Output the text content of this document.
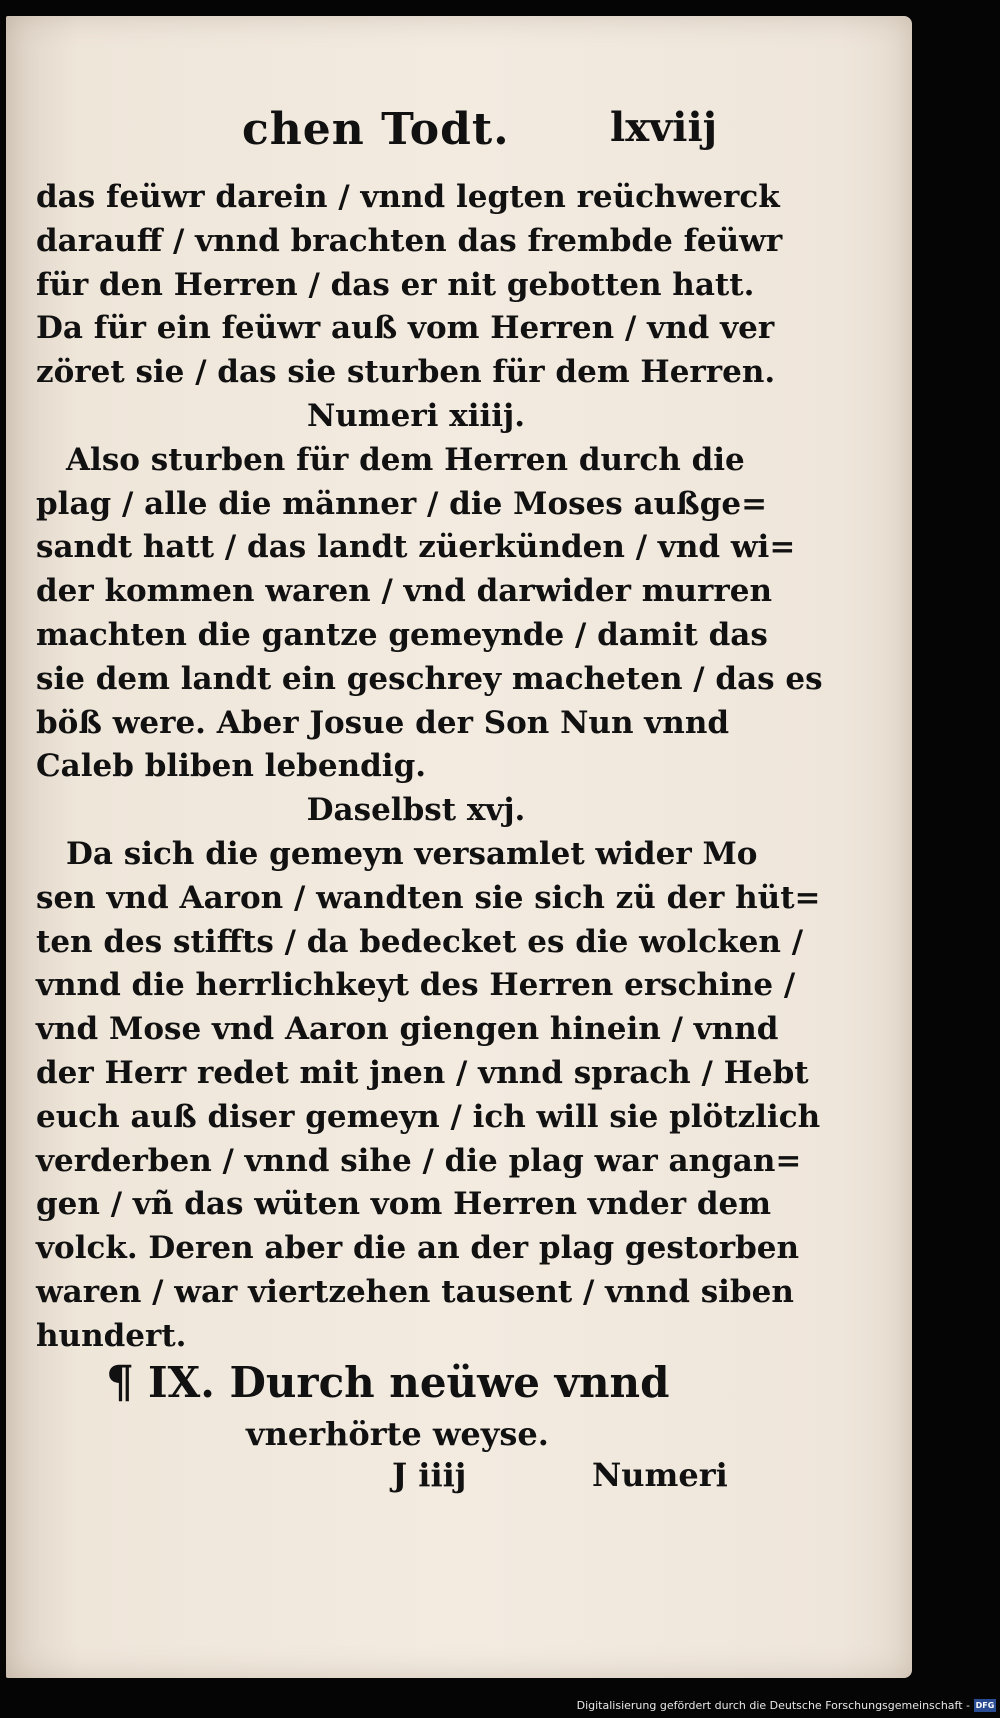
chen Todt.	lxviij
das feüwr darein / vnnd legten reüchwerck
darauff / vnnd brachten das frembde feüwr
für den Herren / das er nit gebotten hatt.
Da für ein feüwr auß vom Herren / vnd ver
zöret sie / das sie sturben für dem Herren.
Numeri xiiij.
Also sturben für dem Herren durch die
plag / alle die männer / die Moses außge=
sandt hatt / das landt züerkünden / vnd wi=
der kommen waren / vnd darwider murren
machten die gantze gemeynde / damit das
sie dem landt ein geschrey macheten / das es
böß were. Aber Josue der Son Nun vnnd
Caleb bliben lebendig.
Daselbst xvj.
Da sich die gemeyn versamlet wider Mo
sen vnd Aaron / wandten sie sich zü der hüt=
ten des stiffts / da bedecket es die wolcken /
vnnd die herrlichkeyt des Herren erschine /
vnd Mose vnd Aaron giengen hinein / vnnd
der Herr redet mit jnen / vnnd sprach / Hebt
euch auß diser gemeyn / ich will sie plötzlich
verderben / vnnd sihe / die plag war angan=
gen / vñ das wüten vom Herren vnder dem
volck. Deren aber die an der plag gestorben
waren / war viertzehen tausent / vnnd siben
hundert.
¶ IX. Durch neüwe vnnd
vnerhörte weyse.
J iiij	Numeri
Digitalisierung gefördert durch die Deutsche Forschungsgemeinschaft - DFG
